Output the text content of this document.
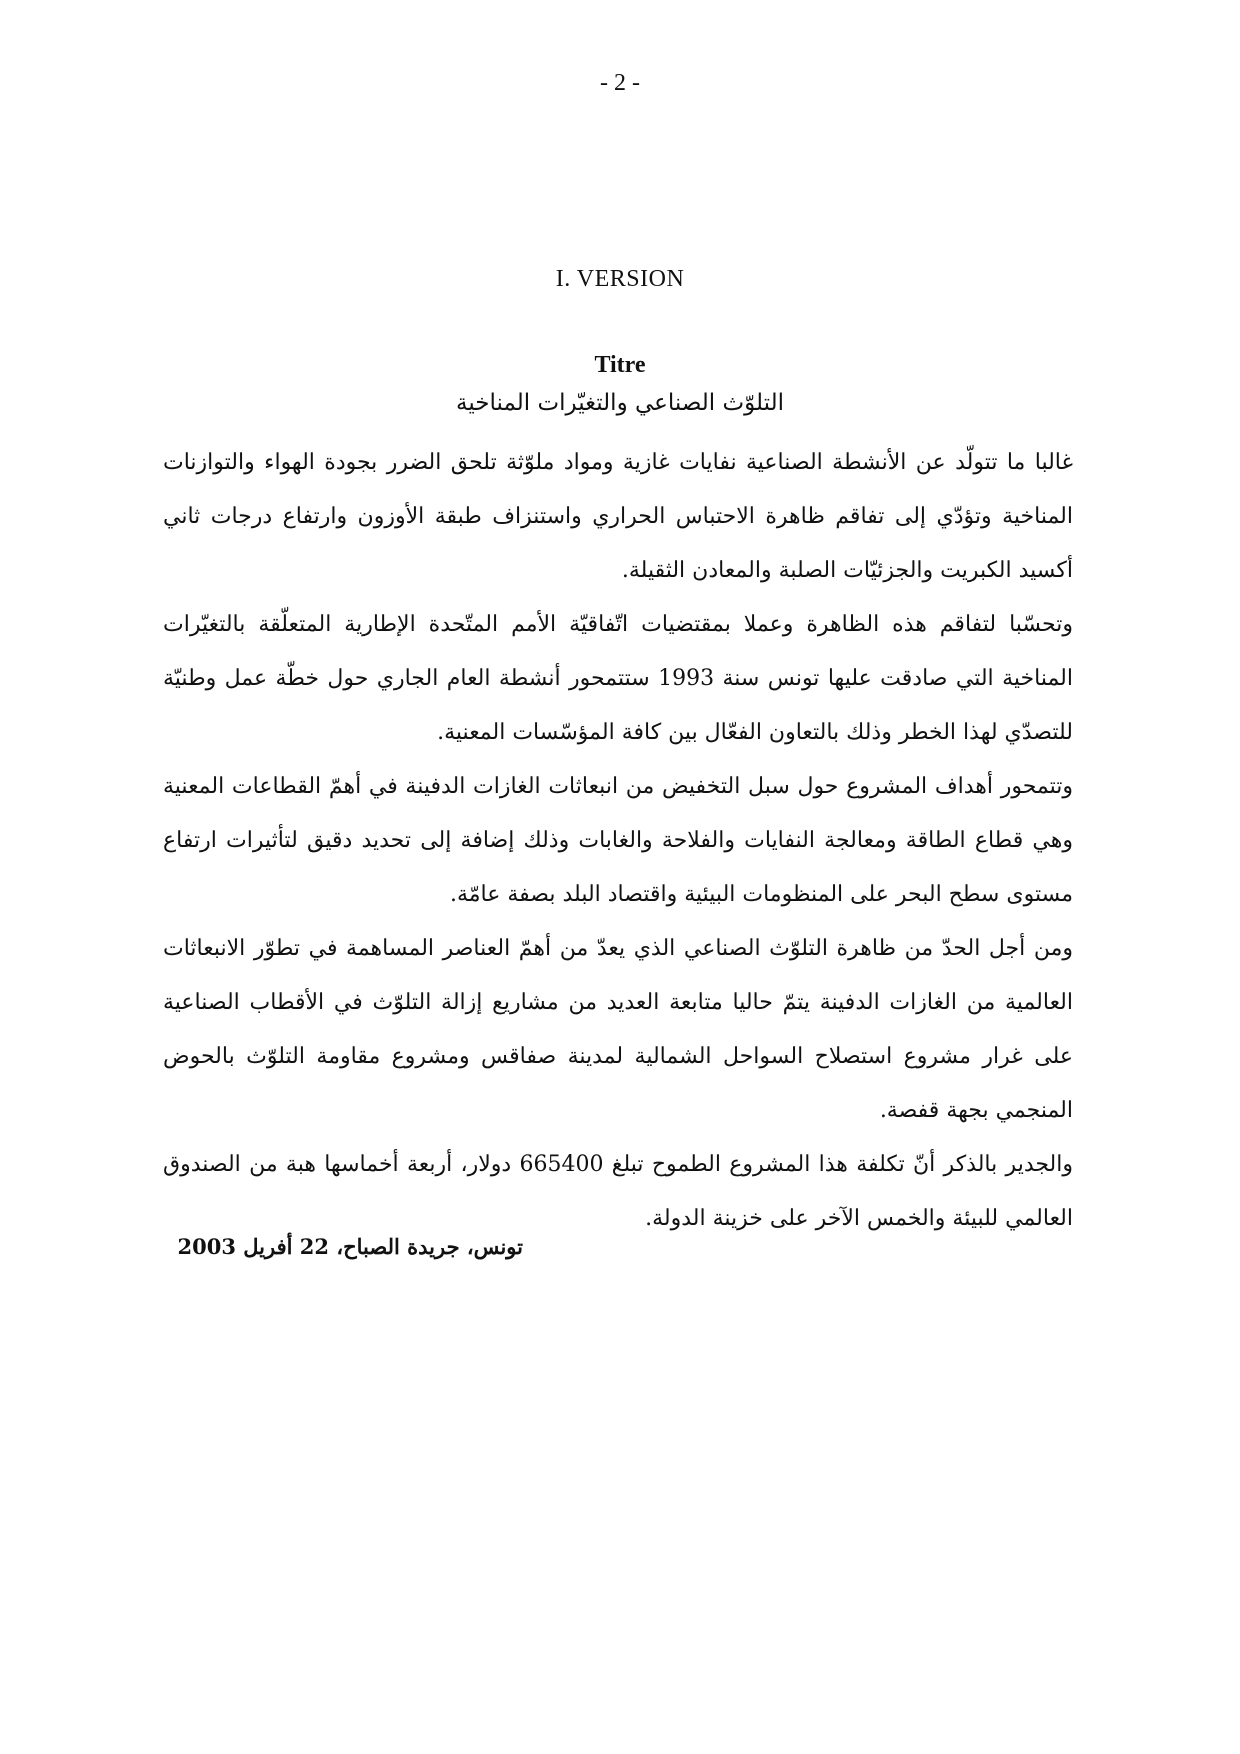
- 2 -
I. VERSION
Titre
التلوّث الصناعي والتغيّرات المناخية

غالبا ما تتولّد عن الأنشطة الصناعية نفايات غازية ومواد ملوّثة تلحق الضرر بجودة الهواء والتوازنات المناخية وتؤدّي إلى تفاقم ظاهرة الاحتباس الحراري واستنزاف طبقة الأوزون وارتفاع درجات ثاني أكسيد الكبريت والجزئيّات الصلبة والمعادن الثقيلة.

وتحسّبا لتفاقم هذه الظاهرة وعملا بمقتضيات اتّفاقيّة الأمم المتّحدة الإطارية المتعلّقة بالتغيّرات المناخية التي صادقت عليها تونس سنة 1993 ستتمحور أنشطة العام الجاري حول خطّة عمل وطنيّة للتصدّي لهذا الخطر وذلك بالتعاون الفعّال بين كافة المؤسّسات المعنية.

وتتمحور أهداف المشروع حول سبل التخفيض من انبعاثات الغازات الدفينة في أهمّ القطاعات المعنية وهي قطاع الطاقة ومعالجة النفايات والفلاحة والغابات وذلك إضافة إلى تحديد دقيق لتأثيرات ارتفاع مستوى سطح البحر على المنظومات البيئية واقتصاد البلد بصفة عامّة.

ومن أجل الحدّ من ظاهرة التلوّث الصناعي الذي يعدّ من أهمّ العناصر المساهمة في تطوّر الانبعاثات العالمية من الغازات الدفينة يتمّ حاليا متابعة العديد من مشاريع إزالة التلوّث في الأقطاب الصناعية على غرار مشروع استصلاح السواحل الشمالية لمدينة صفاقس ومشروع مقاومة التلوّث بالحوض المنجمي بجهة قفصة.

والجدير بالذكر أنّ تكلفة هذا المشروع الطموح تبلغ 665400 دولار، أربعة أخماسها هبة من الصندوق العالمي للبيئة والخمس الآخر على خزينة الدولة.

تونس، جريدة الصباح، 22 أفريل 2003
